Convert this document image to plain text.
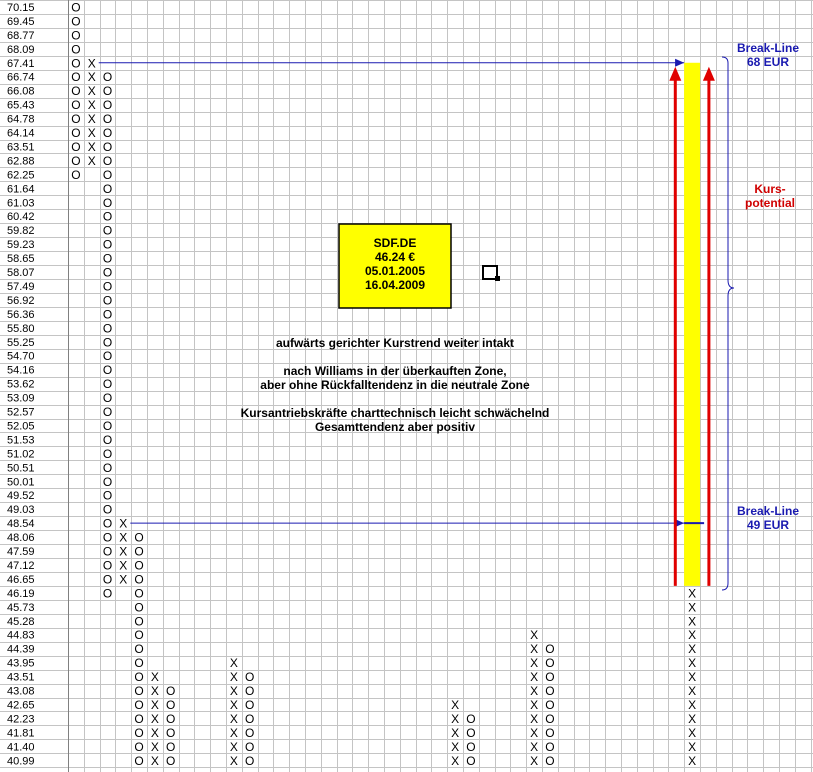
70.15
69.45
68.77
68.09
67.41
66.74
66.08
65.43
64.78
64.14
63.51
62.88
62.25
61.64
61.03
60.42
59.82
59.23
58.65
58.07
57.49
56.92
56.36
55.80
55.25
54.70
54.16
53.62
53.09
52.57
52.05
51.53
51.02
50.51
50.01
49.52
49.03
48.54
48.06
47.59
47.12
46.65
46.19
45.73
45.28
44.83
44.39
43.95
43.51
43.08
42.65
42.23
41.81
41.40
40.99
O
O
O
O
O
O
O
O
O
O
O
O
O
X
X
X
X
X
X
X
X
O
O
O
O
O
O
O
O
O
O
O
O
O
O
O
O
O
O
O
O
O
O
O
O
O
O
O
O
O
O
O
O
O
O
O
O
O
O
X
X
X
X
X
O
O
O
O
O
O
O
O
O
O
O
O
O
O
O
O
O
X
X
X
X
X
X
X
O
O
O
O
O
O
X
X
X
X
X
X
X
X
O
O
O
O
O
O
O
X
X
X
X
X
O
O
O
O
X
X
X
X
X
X
X
X
X
X
O
O
O
O
O
O
O
O
O
X
X
X
X
X
X
X
X
X
X
X
X
X
SDF.DE
46.24 €
05.01.2005
16.04.2009
aufwärts gerichter Kurstrend weiter intakt
nach Williams in der überkauften Zone,
aber ohne Rückfalltendenz in die neutrale Zone
Kursantriebskräfte charttechnisch leicht schwächelnd
Gesamttendenz aber positiv
Break-Line
68 EUR
Break-Line
49 EUR
Kurs-
potential
